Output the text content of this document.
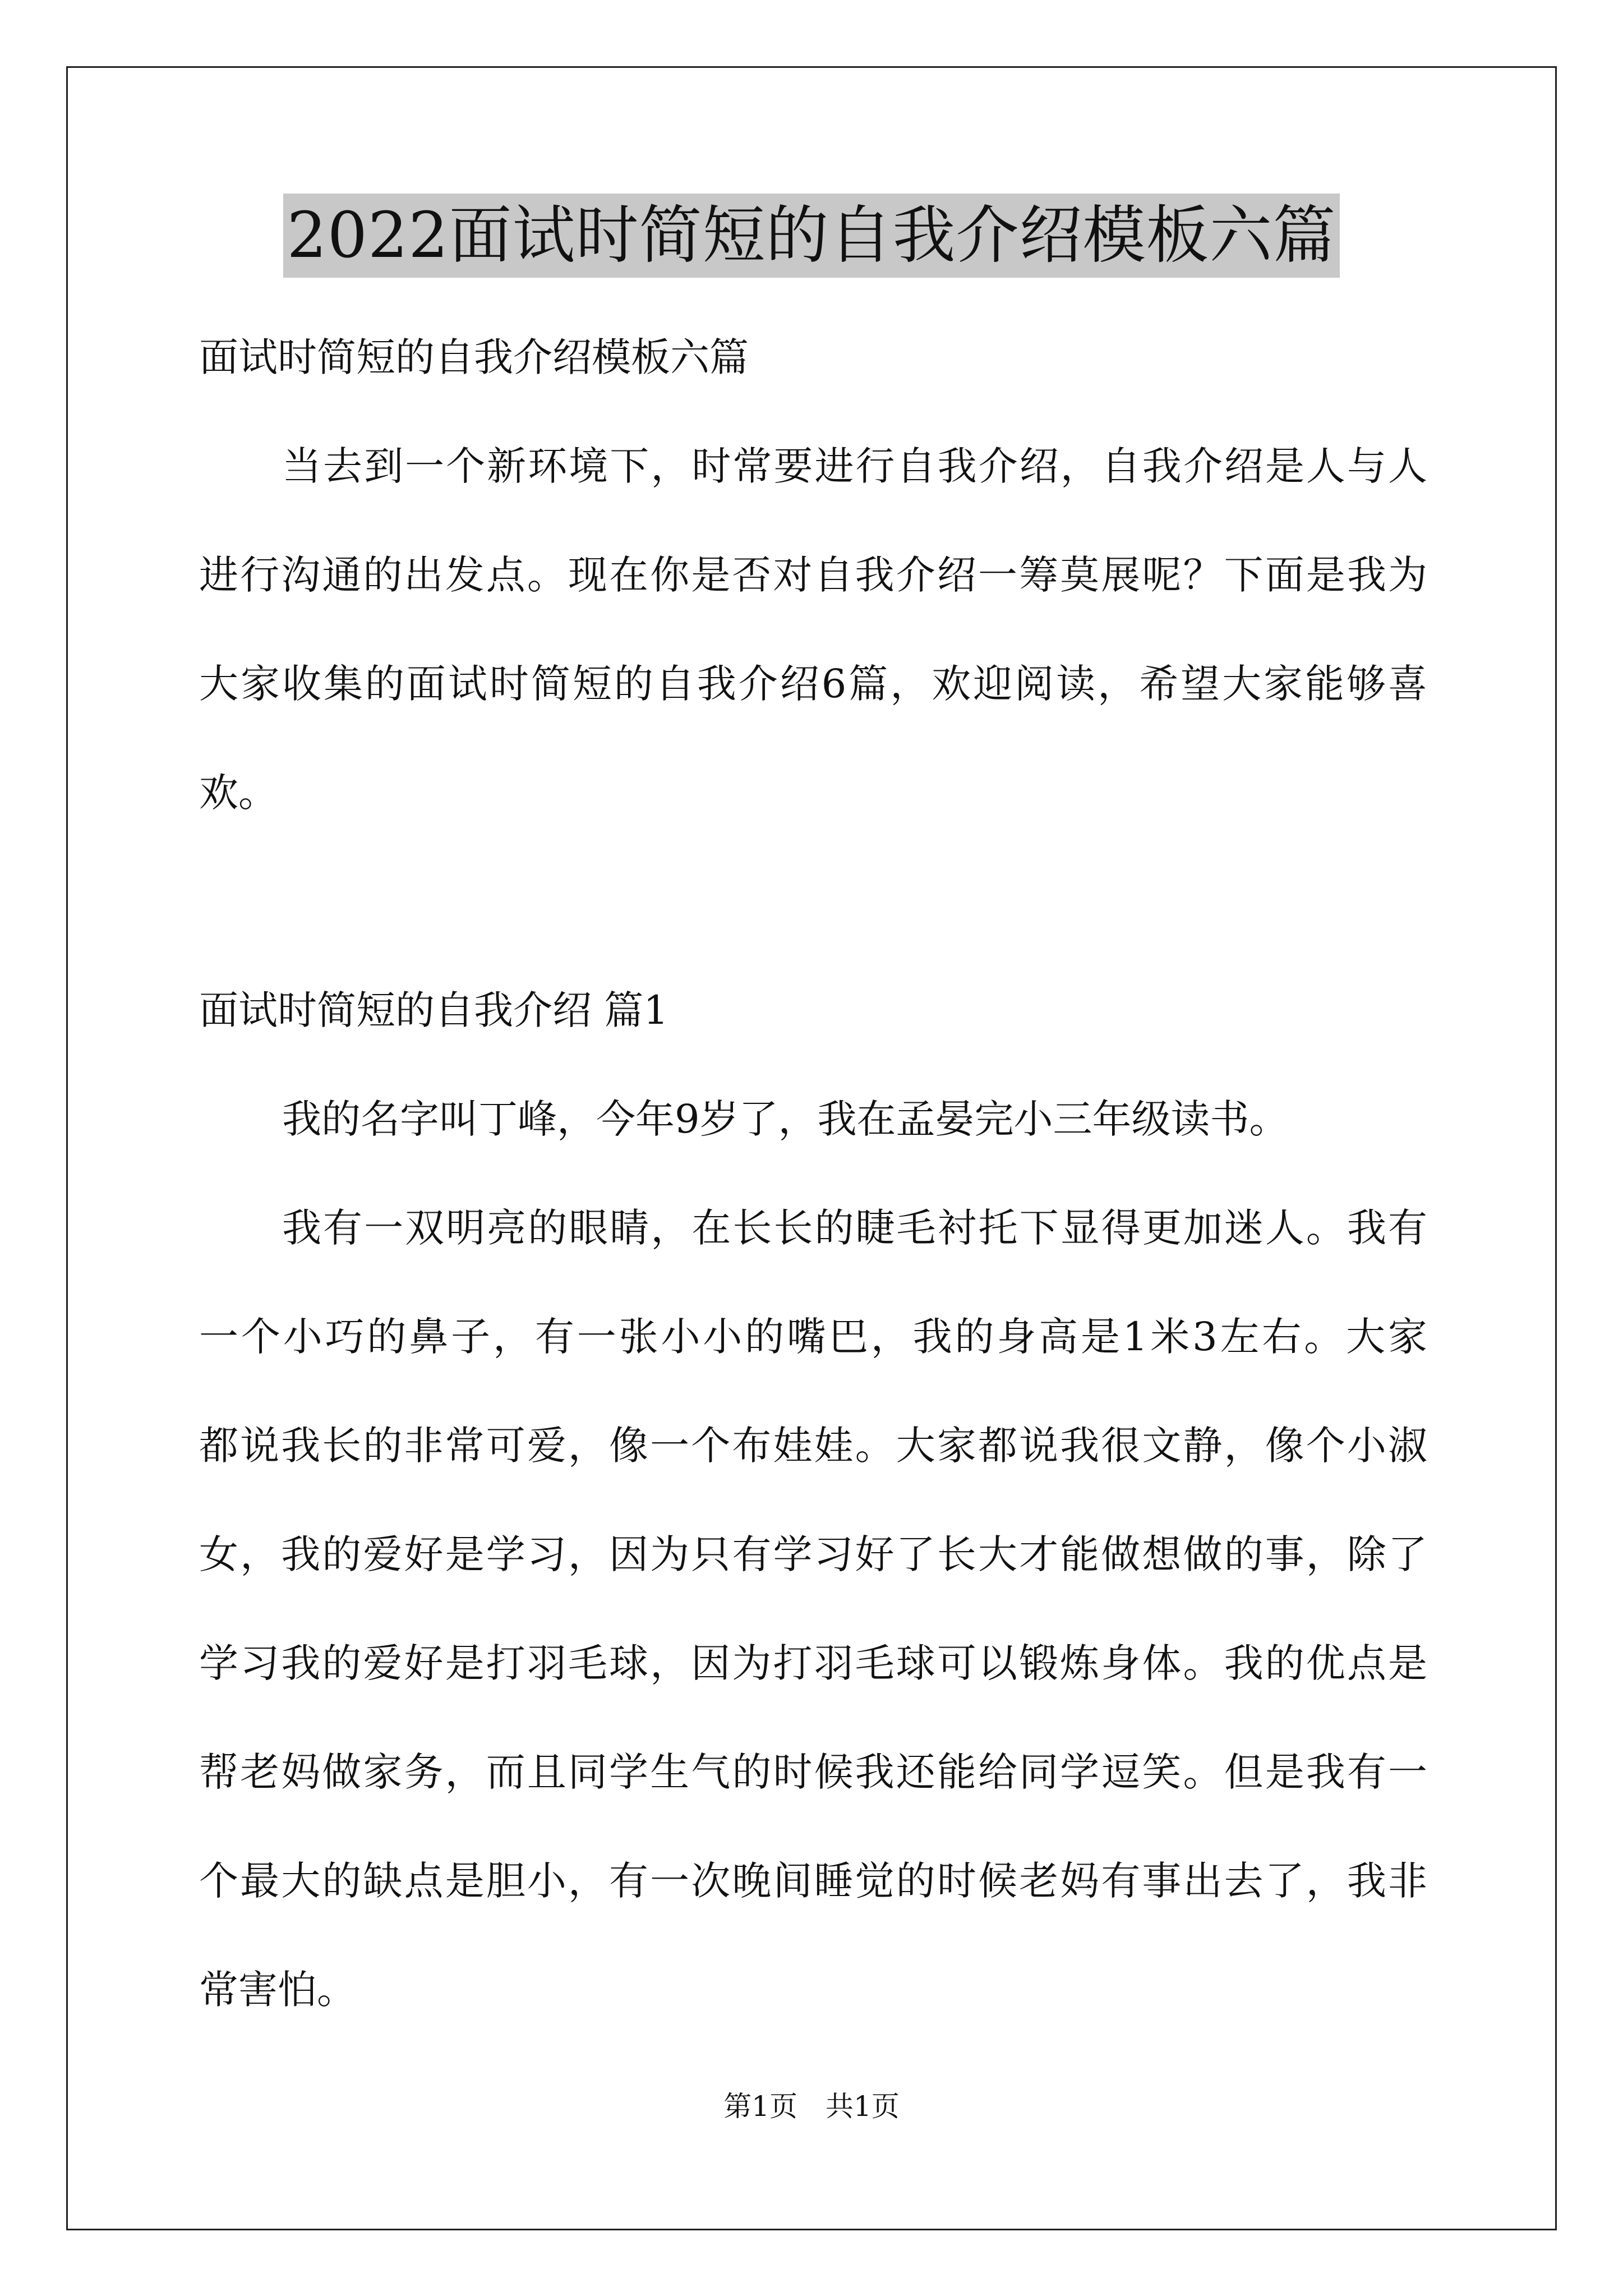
2022面试时简短的自我介绍模板六篇
面试时简短的自我介绍模板六篇
当去到一个新环境下，时常要进行自我介绍，自我介绍是人与人
进行沟通的出发点。现在你是否对自我介绍一筹莫展呢？下面是我为
大家收集的面试时简短的自我介绍6篇，欢迎阅读，希望大家能够喜
欢。
面试时简短的自我介绍 篇1
我的名字叫丁峰，今年9岁了，我在孟晏完小三年级读书。
我有一双明亮的眼睛，在长长的睫毛衬托下显得更加迷人。我有
一个小巧的鼻子，有一张小小的嘴巴，我的身高是1米3左右。大家
都说我长的非常可爱，像一个布娃娃。大家都说我很文静，像个小淑
女，我的爱好是学习，因为只有学习好了长大才能做想做的事，除了
学习我的爱好是打羽毛球，因为打羽毛球可以锻炼身体。我的优点是
帮老妈做家务，而且同学生气的时候我还能给同学逗笑。但是我有一
个最大的缺点是胆小，有一次晚间睡觉的时候老妈有事出去了，我非
常害怕。
第1页　共1页
